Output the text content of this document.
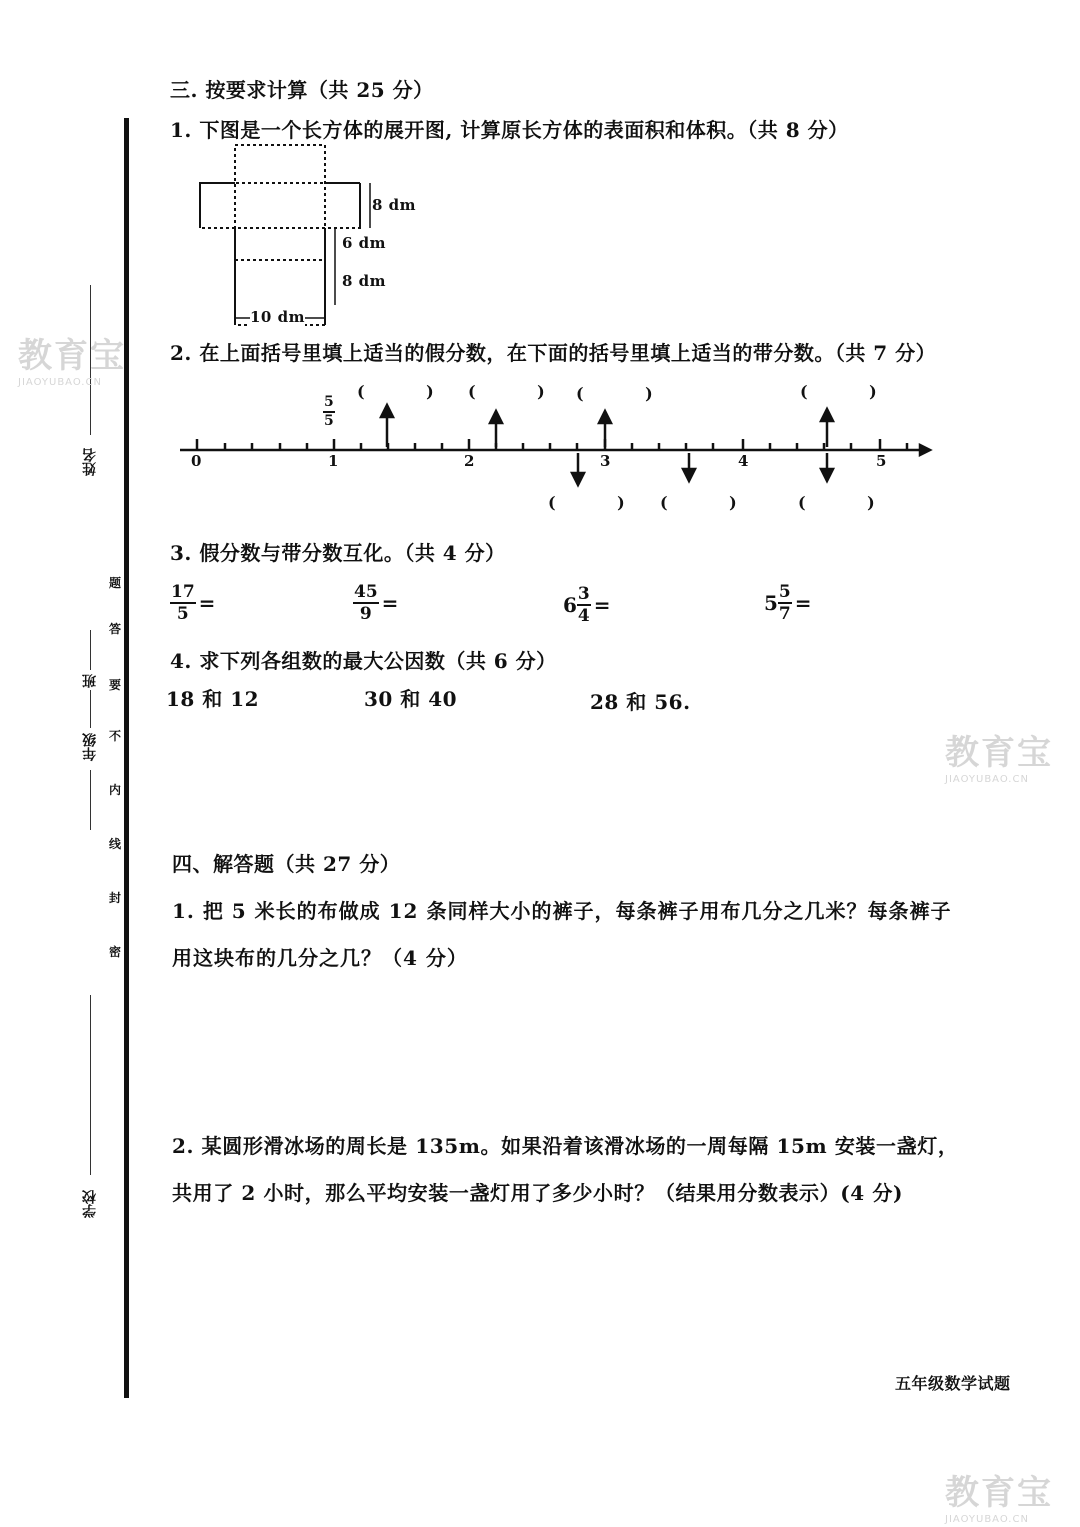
姓名
班
年级
学校
题
答
要
不
内
线
封
密
三. 按要求计算（共 25 分）
1. 下图是一个长方体的展开图, 计算原长方体的表面积和体积。（共 8 分）
8 dm
6 dm
8 dm
10 dm
2. 在上面括号里填上适当的假分数，在下面的括号里填上适当的带分数。（共 7 分）
0	1	2	3	4	5
$\frac{5}{5}$
( ) ( ) ( )	( )
( ) ( ) ( )
3. 假分数与带分数互化。（共 4 分）
$\frac{17}{5}$ =	$\frac{45}{9}$ =	$6 \frac{3}{4}$ =	$5 \frac{5}{7}$ =
4. 求下列各组数的最大公因数（共 6 分）
18 和 12	30 和 40	28 和 56.
四、解答题（共 27 分）
1. 把 5 米长的布做成 12 条同样大小的裤子，每条裤子用布几分之几米？每条裤子
用这块布的几分之几？（4 分）
2. 某圆形滑冰场的周长是 135m。如果沿着该滑冰场的一周每隔 15m 安装一盏灯，
共用了 2 小时，那么平均安装一盏灯用了多少小时？（结果用分数表示）(4 分)
五年级数学试题
教育宝
JIAOYUBAO.CN
教育宝
JIAOYUBAO.CN
教育宝
JIAOYUBAO.CN
